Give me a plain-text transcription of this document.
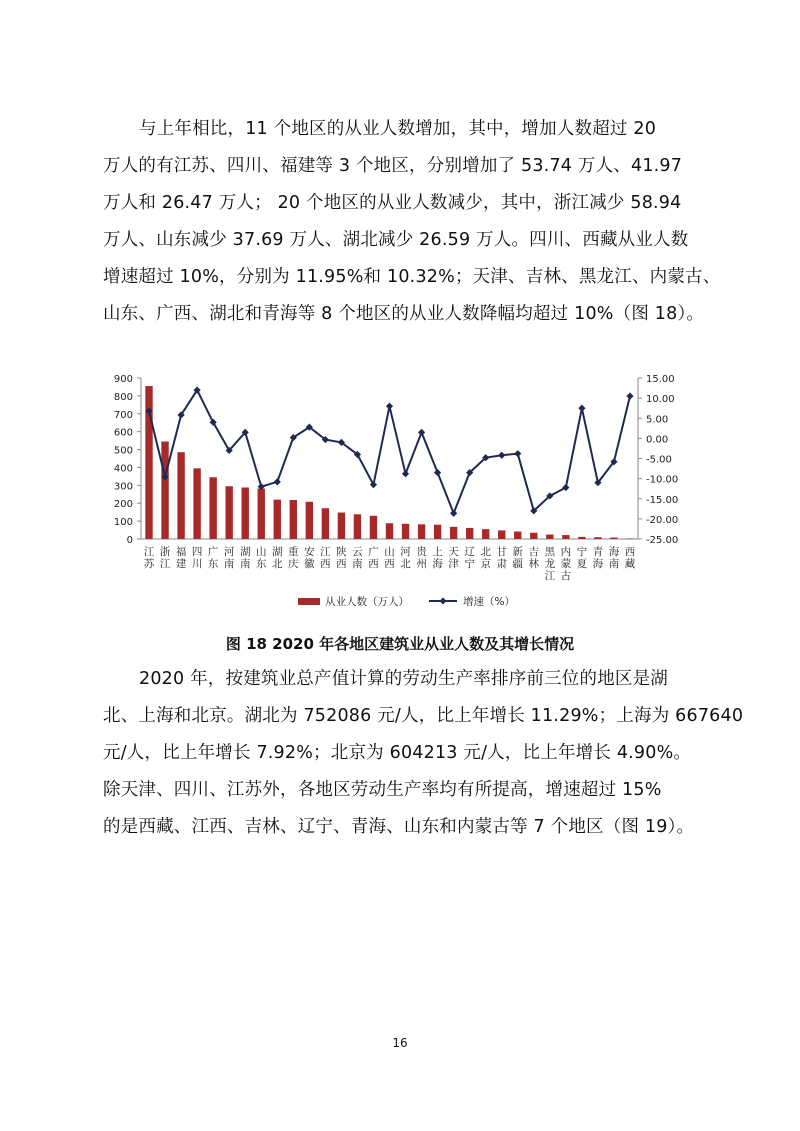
与上年相比，11 个地区的从业人数增加，其中，增加人数超过 20
万人的有江苏、四川、福建等 3 个地区，分别增加了 53.74 万人、41.97
万人和 26.47 万人； 20 个地区的从业人数减少，其中，浙江减少 58.94
万人、山东减少 37.69 万人、湖北减少 26.59 万人。四川、西藏从业人数
增速超过 10%，分别为 11.95%和 10.32%；天津、吉林、黑龙江、内蒙古、
山东、广西、湖北和青海等 8 个地区的从业人数降幅均超过 10%（图 18）。
0
100
200
300
400
500
600
700
800
900
-25.00
-20.00
-15.00
-10.00
-5.00
0.00
5.00
10.00
15.00
江
苏
浙
江
福
建
四
川
广
东
河
南
湖
南
山
东
湖
北
重
庆
安
徽
江
西
陕
西
云
南
广
西
山
西
河
北
贵
州
上
海
天
津
辽
宁
北
京
甘
肃
新
疆
吉
林
黑
龙
江
内
蒙
古
宁
夏
青
海
海
南
西
藏
从业人数（万人）	增速（%）
图 18 2020 年各地区建筑业从业人数及其增长情况
2020 年，按建筑业总产值计算的劳动生产率排序前三位的地区是湖
北、上海和北京。湖北为 752086 元/人，比上年增长 11.29%；上海为 667640
元/人，比上年增长 7.92%；北京为 604213 元/人，比上年增长 4.90%。
除天津、四川、江苏外，各地区劳动生产率均有所提高，增速超过 15%
的是西藏、江西、吉林、辽宁、青海、山东和内蒙古等 7 个地区（图 19）。
16
